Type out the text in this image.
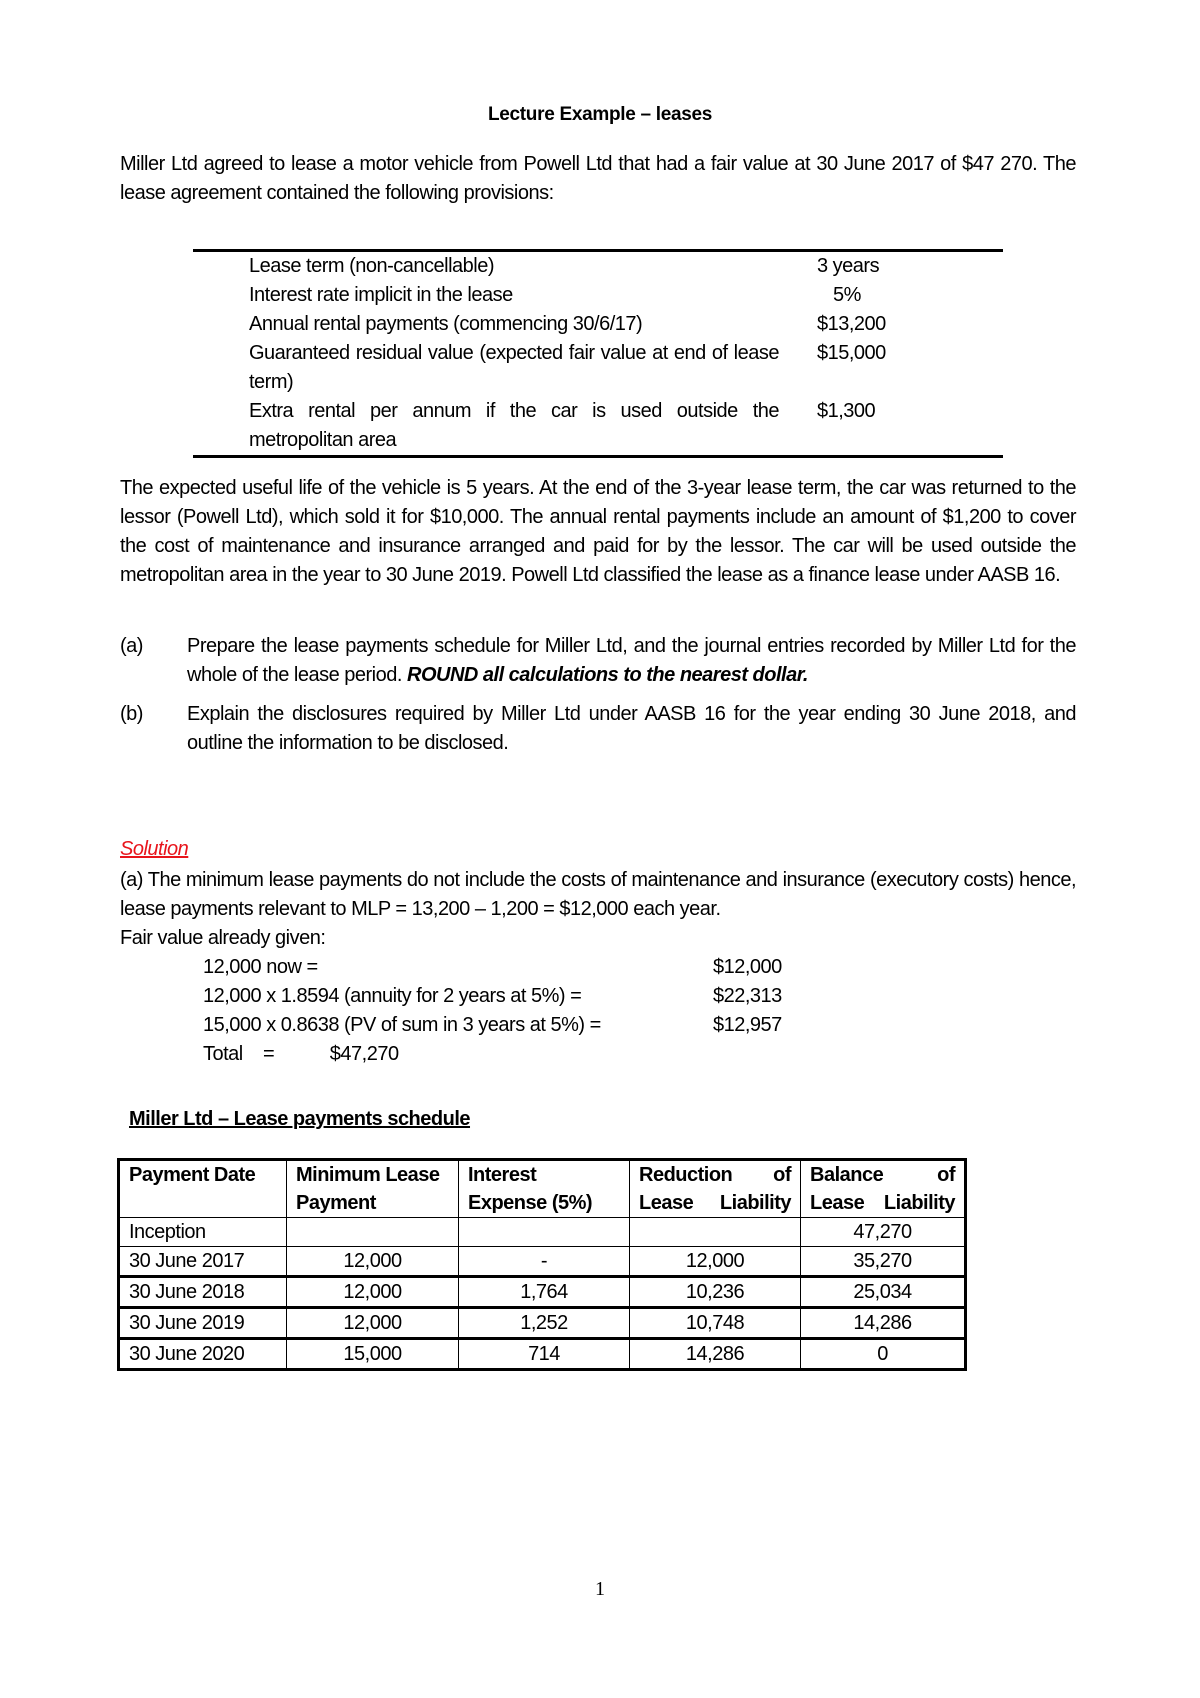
Lecture Example – leases
Miller Ltd agreed to lease a motor vehicle from Powell Ltd that had a fair value at 30 June 2017 of $47 270. The lease agreement contained the following provisions:
Lease term (non-cancellable)	3 years
Interest rate implicit in the lease	5%
Annual rental payments (commencing 30/6/17)	$13,200
Guaranteed residual value (expected fair value at end of lease term)	$15,000
Extra rental per annum if the car is used outside the metropolitan area	$1,300
The expected useful life of the vehicle is 5 years. At the end of the 3-year lease term, the car was returned to the lessor (Powell Ltd), which sold it for $10,000. The annual rental payments include an amount of $1,200 to cover the cost of maintenance and insurance arranged and paid for by the lessor. The car will be used outside the metropolitan area in the year to 30 June 2019. Powell Ltd classified the lease as a finance lease under AASB 16.
(a)	Prepare the lease payments schedule for Miller Ltd, and the journal entries recorded by Miller Ltd for the whole of the lease period. ROUND all calculations to the nearest dollar.
(b)	Explain the disclosures required by Miller Ltd under AASB 16 for the year ending 30 June 2018, and outline the information to be disclosed.
Solution
(a) The minimum lease payments do not include the costs of maintenance and insurance (executory costs) hence, lease payments relevant to MLP = 13,200 – 1,200 = $12,000 each year.
Fair value already given:
12,000 now =	$12,000
12,000 x 1.8594 (annuity for 2 years at 5%) =	$22,313
15,000 x 0.8638 (PV of sum in 3 years at 5%) =	$12,957
Total    =           $47,270
Miller Ltd – Lease payments schedule
Payment Date	Minimum Lease Payment	Interest Expense (5%)	Reduction of Lease Liability	Balance of Lease Liability
Inception				47,270
30 June 2017	12,000	-	12,000	35,270
30 June 2018	12,000	1,764	10,236	25,034
30 June 2019	12,000	1,252	10,748	14,286
30 June 2020	15,000	714	14,286	0
1
